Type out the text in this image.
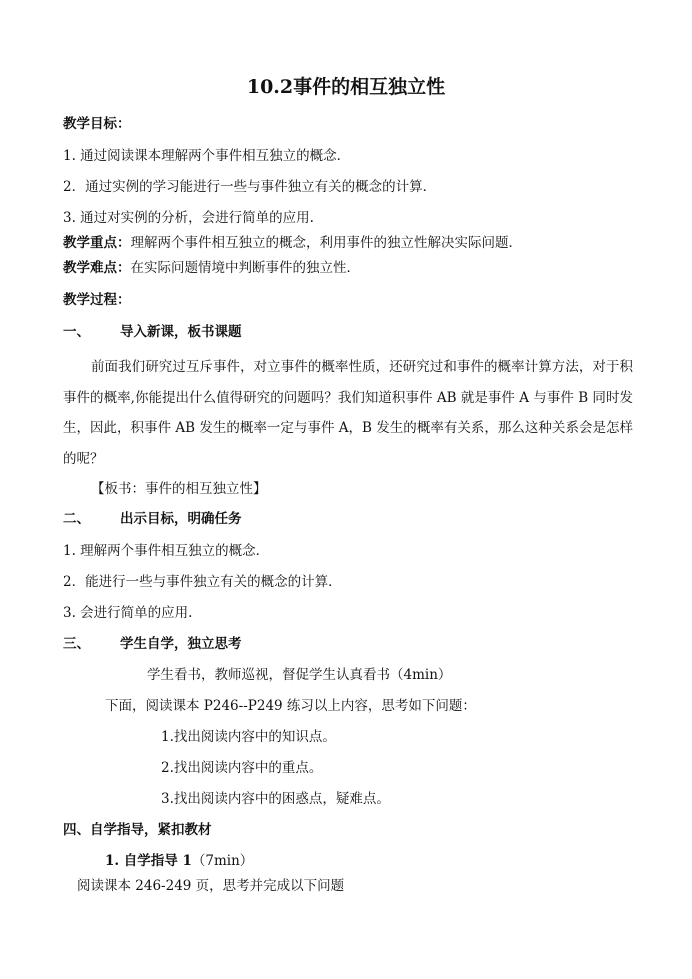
10.2事件的相互独立性
教学目标：
1. 通过阅读课本理解两个事件相互独立的概念．
2．通过实例的学习能进行一些与事件独立有关的概念的计算．
3. 通过对实例的分析，会进行简单的应用.
教学重点：理解两个事件相互独立的概念，利用事件的独立性解决实际问题．
教学难点：在实际问题情境中判断事件的独立性．
教学过程：
一、 导入新课，板书课题
前面我们研究过互斥事件，对立事件的概率性质，还研究过和事件的概率计算方法，对于积事件的概率,你能提出什么值得研究的问题吗？我们知道积事件 AB 就是事件 A 与事件 B 同时发生，因此，积事件 AB 发生的概率一定与事件 A，B 发生的概率有关系，那么这种关系会是怎样的呢？
【板书：事件的相互独立性】
二、 出示目标，明确任务
1. 理解两个事件相互独立的概念．
2．能进行一些与事件独立有关的概念的计算．
3. 会进行简单的应用.
三、 学生自学，独立思考
学生看书，教师巡视，督促学生认真看书（4min）
下面，阅读课本 P246--P249 练习以上内容，思考如下问题：
1.找出阅读内容中的知识点。
2.找出阅读内容中的重点。
3.找出阅读内容中的困惑点，疑难点。
四、自学指导，紧扣教材
1. 自学指导 1（7min）
阅读课本 246-249 页，思考并完成以下问题
